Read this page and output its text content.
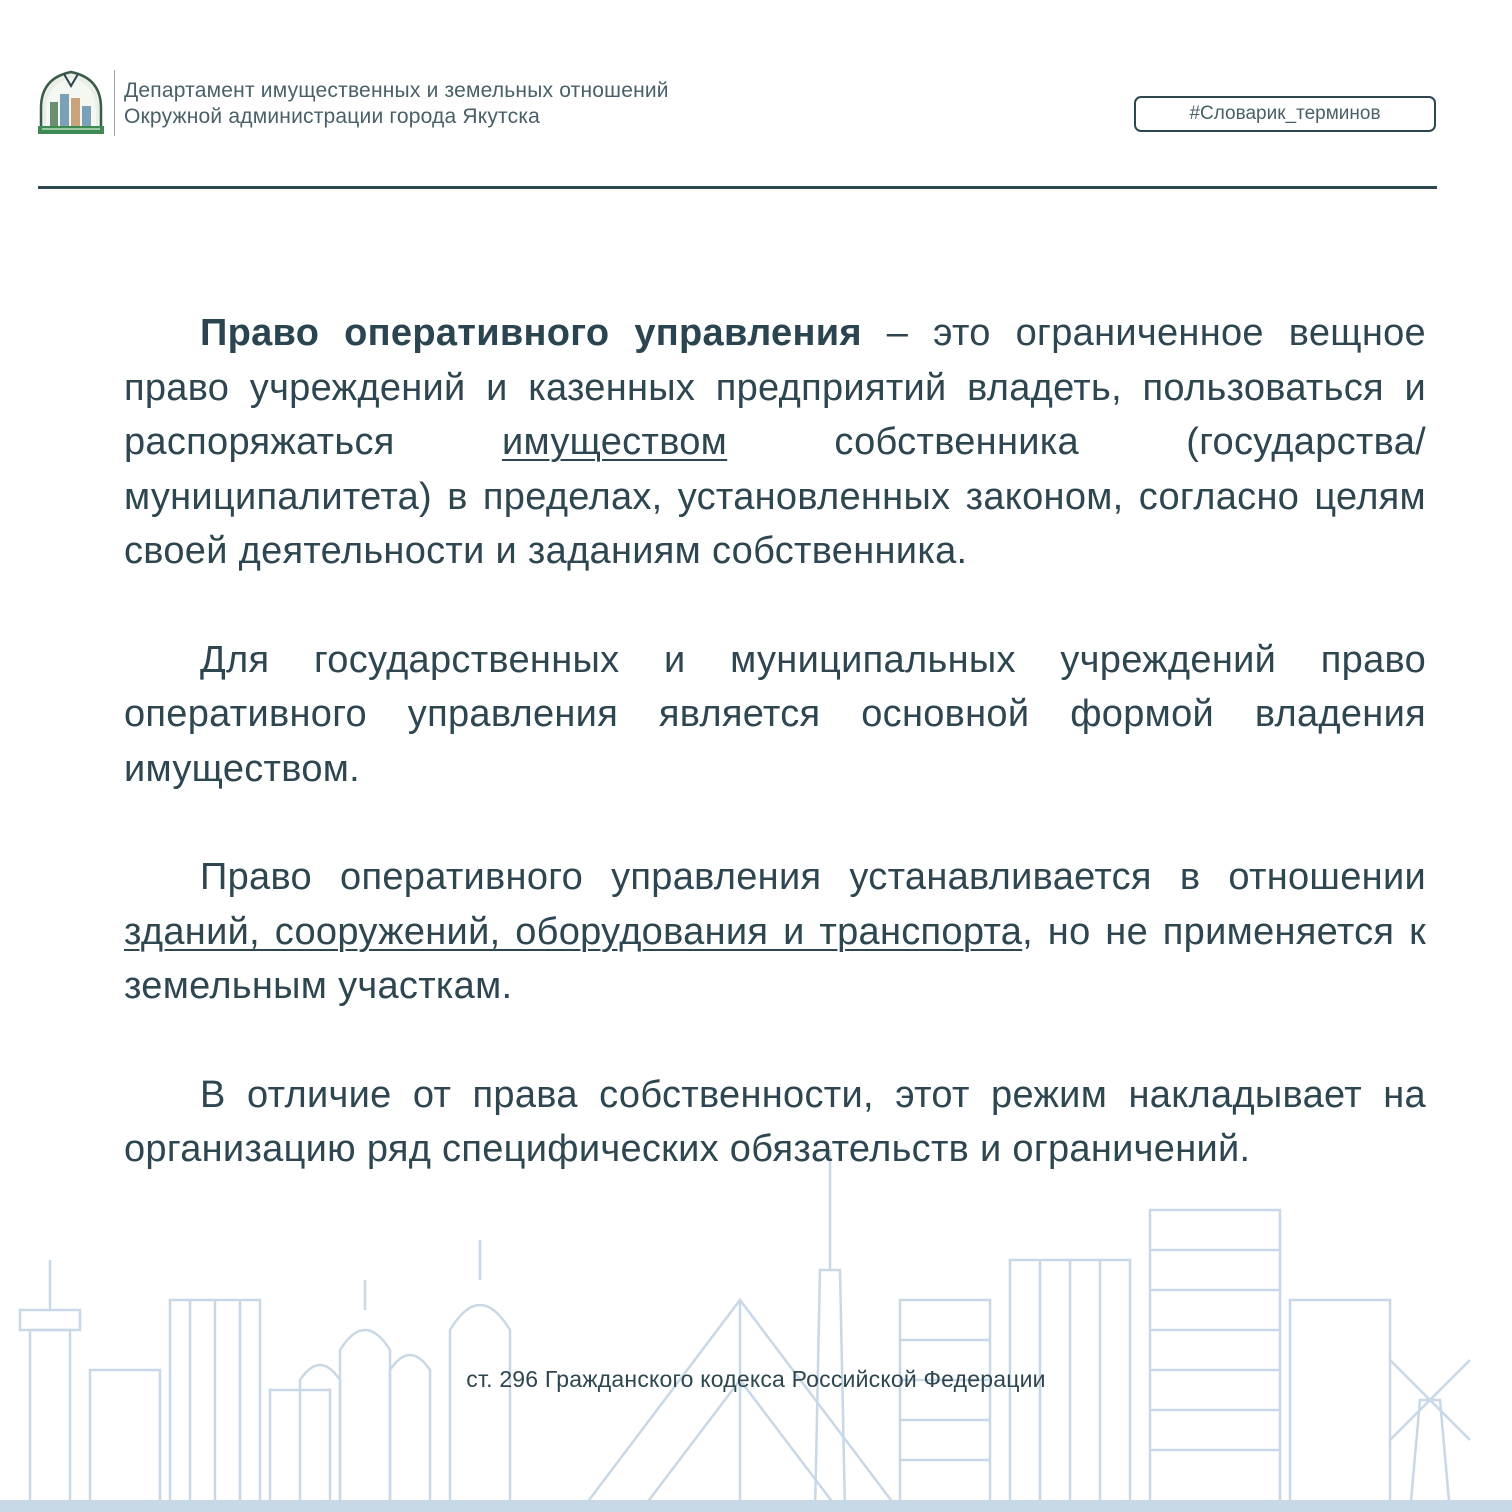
Департамент имущественных и земельных отношений
Окружной администрации города Якутска	#Словарик_терминов

Право оперативного управления – это ограниченное вещное право учреждений и казенных предприятий владеть, пользоваться и распоряжаться имуществом собственника (государства/муниципалитета) в пределах, установленных законом, согласно целям своей деятельности и заданиям собственника.

Для государственных и муниципальных учреждений право оперативного управления является основной формой владения имуществом.

Право оперативного управления устанавливается в отношении зданий, сооружений, оборудования и транспорта, но не применяется к земельным участкам.

В отличие от права собственности, этот режим накладывает на организацию ряд специфических обязательств и ограничений.

ст. 296 Гражданского кодекса Российской Федерации
